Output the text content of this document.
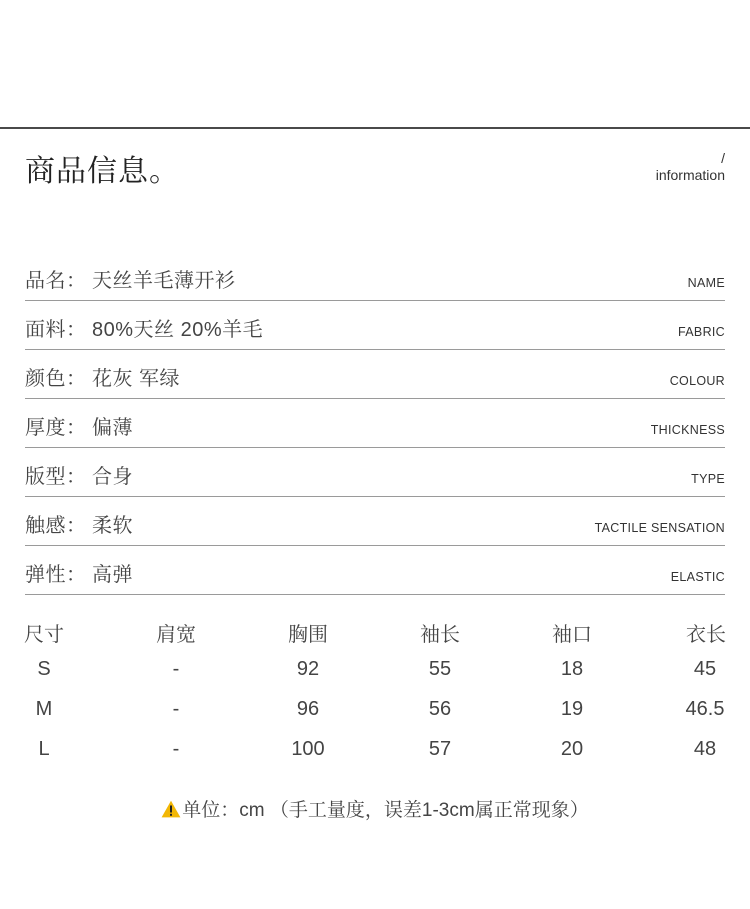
商品信息。	/
information
品名： 天丝羊毛薄开衫	NAME
面料： 80%天丝 20%羊毛	FABRIC
颜色： 花灰 军绿	COLOUR
厚度： 偏薄	THICKNESS
版型： 合身	TYPE
触感： 柔软	TACTILE SENSATION
弹性： 高弹	ELASTIC
尺寸	肩宽	胸围	袖长	袖口	衣长
S	-	92	55	18	45
M	-	96	56	19	46.5
L	-	100	57	20	48
单位：cm （手工量度，误差1-3cm属正常现象）
